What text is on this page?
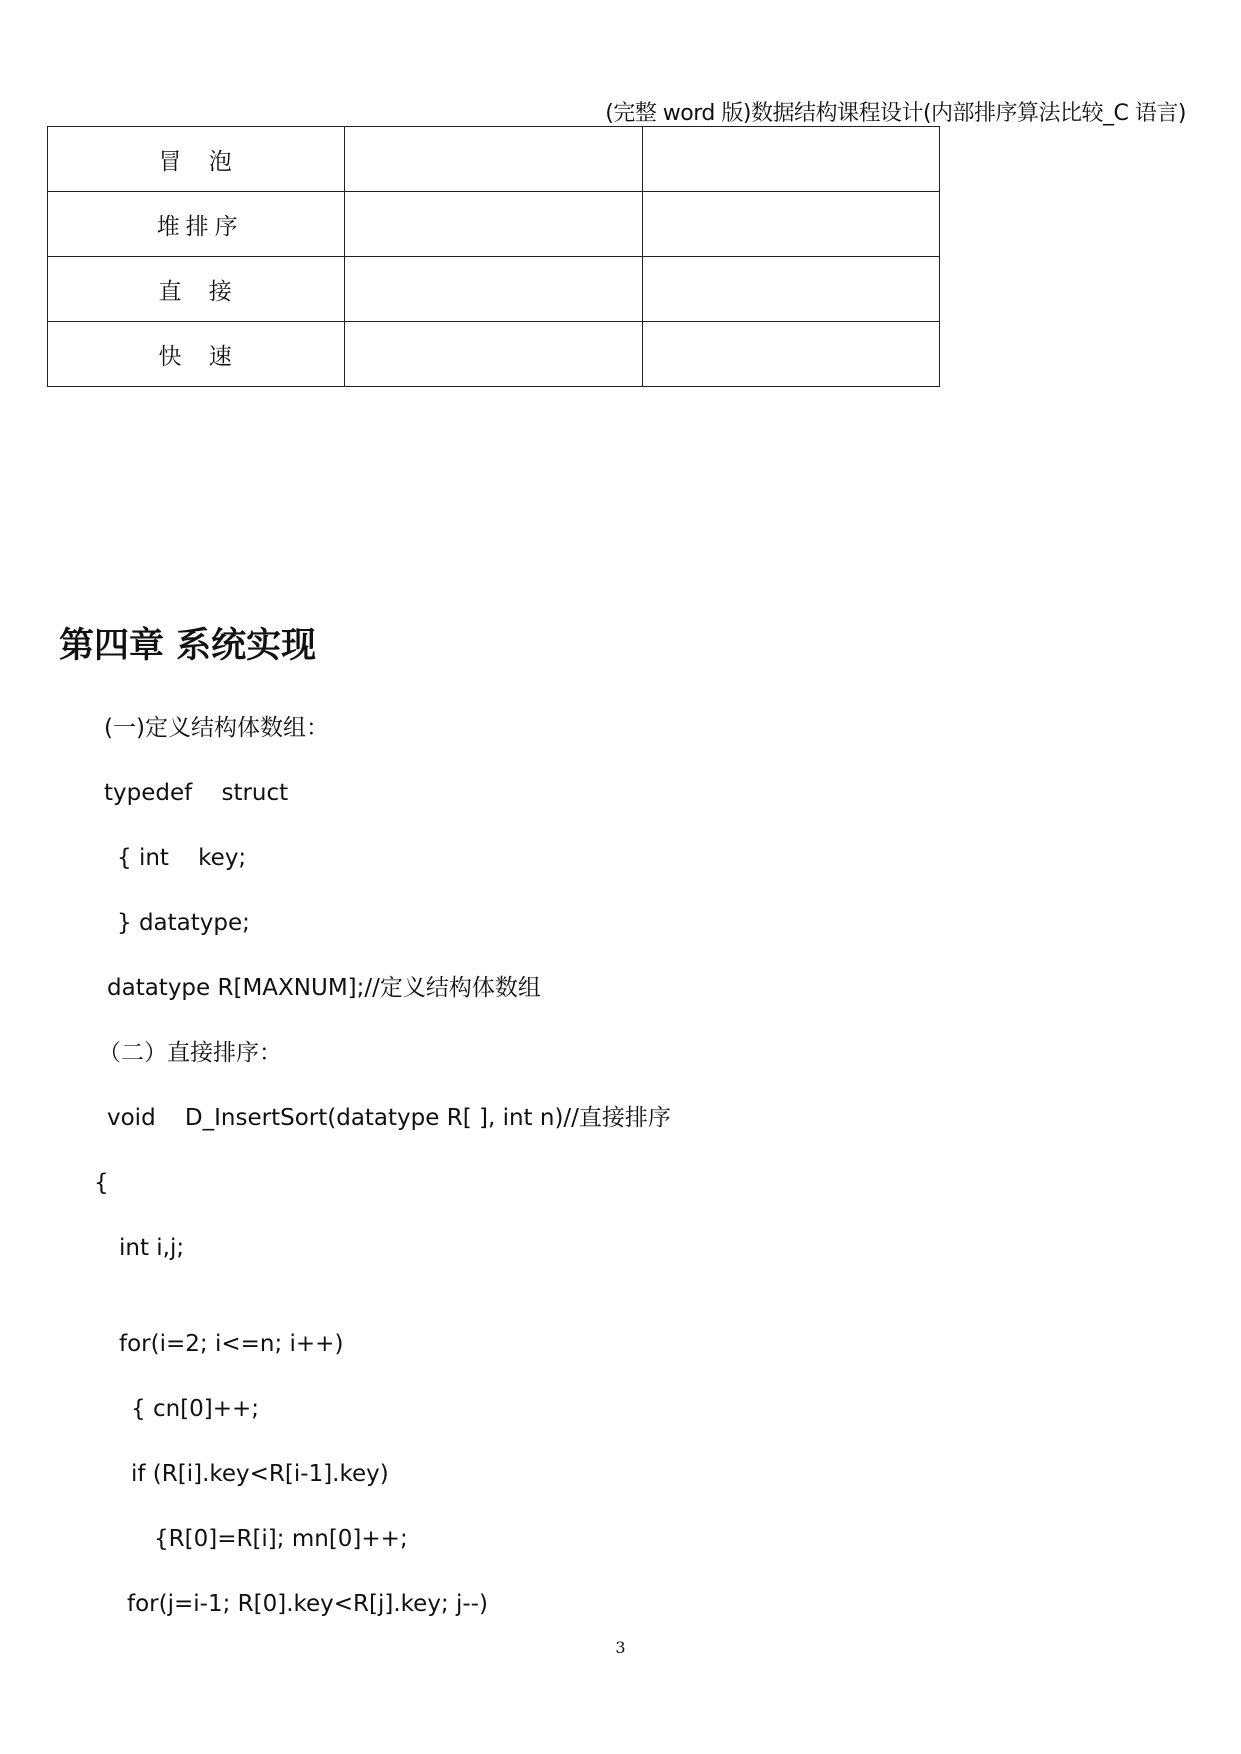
(完整 word 版)数据结构课程设计(内部排序算法比较_C 语言)
冒 泡		
堆排序		
直 接		
快 速		
第四章 系统实现
(一)定义结构体数组：
typedef    struct
{ int    key;
} datatype;
datatype R[MAXNUM];//定义结构体数组
（二）直接排序：
void    D_InsertSort(datatype R[ ], int n)//直接排序
{
int i,j;
for(i=2; i<=n; i++)
{ cn[0]++;
if (R[i].key<R[i-1].key)
{R[0]=R[i]; mn[0]++;
for(j=i-1; R[0].key<R[j].key; j--)
3
